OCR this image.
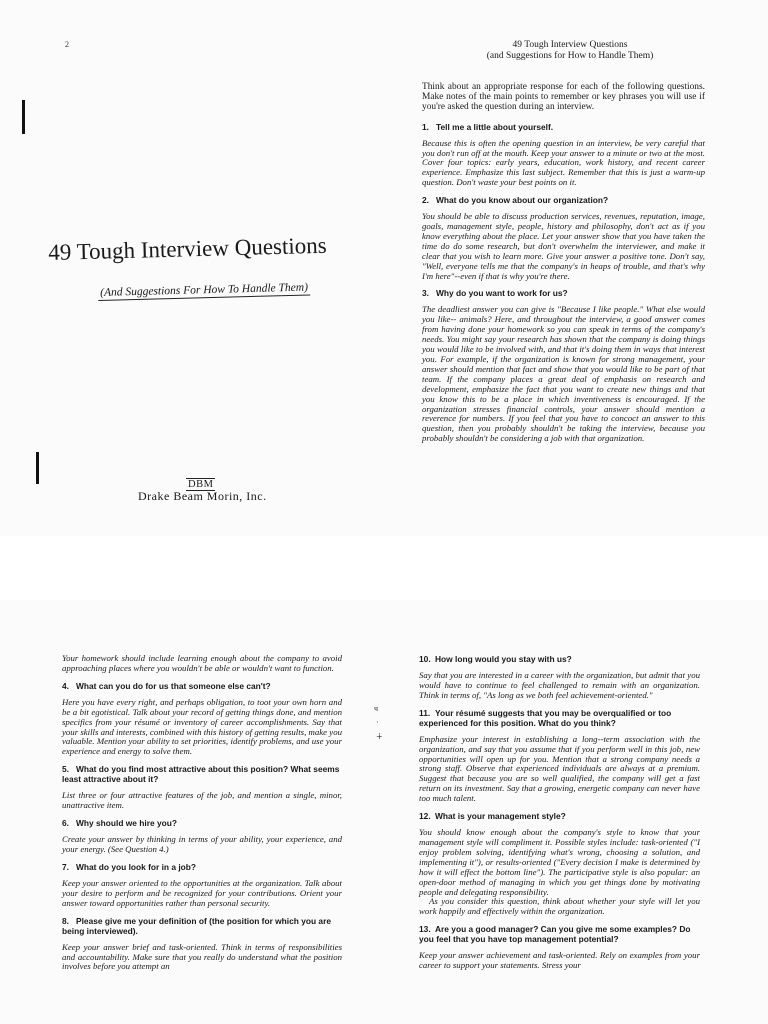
2
49 Tough Interview Questions
(And Suggestions For How To Handle Them)
DBM
Drake Beam Morin, Inc.
49 Tough Interview Questions
(and Suggestions for How to Handle Them)

Think about an appropriate response for each of the following questions. Make notes of the main points to remember or key phrases you will use if you're asked the question during an interview.

1. Tell me a little about yourself.

Because this is often the opening question in an interview, be very careful that you don't run off at the mouth. Keep your answer to a minute or two at the most. Cover four topics: early years, education, work history, and recent career experience. Emphasize this last subject. Remember that this is just a warm-up question. Don't waste your best points on it.

2. What do you know about our organization?

You should be able to discuss production services, revenues, reputation, image, goals, management style, people, history and philosophy, don't act as if you know everything about the place. Let your answer show that you have taken the time do do some research, but don't overwhelm the interviewer, and make it clear that you wish to learn more. Give your answer a positive tone. Don't say, "Well, everyone tells me that the company's in heaps of trouble, and that's why I'm here"--even if that is why you're there.

3. Why do you want to work for us?

The deadliest answer you can give is "Because I like people." What else would you like-- animals? Here, and throughout the interview, a good answer comes from having done your homework so you can speak in terms of the company's needs. You might say your research has shown that the company is doing things you would like to be involved with, and that it's doing them in ways that interest you. For example, if the organization is known for strong management, your answer should mention that fact and show that you would like to be part of that team. If the company places a great deal of emphasis on research and development, emphasize the fact that you want to create new things and that you know this to be a place in which inventiveness is encouraged. If the organization stresses financial controls, your answer should mention a reverence for numbers. If you feel that you have to concoct an answer to this question, then you probably shouldn't be taking the interview, because you probably shouldn't be considering a job with that organization.

ч
·
∔

Your homework should include learning enough about the company to avoid approaching places where you wouldn't be able or wouldn't want to function.

4. What can you do for us that someone else can't?

Here you have every right, and perhaps obligation, to toot your own horn and be a bit egotistical. Talk about your record of getting things done, and mention specifics from your résumé or inventory of career accomplishments. Say that your skills and interests, combined with this history of getting results, make you valuable. Mention your ability to set priorities, identify problems, and use your experience and energy to solve them.

5. What do you find most attractive about this position? What seems least attractive about it?

List three or four attractive features of the job, and mention a single, minor, unattractive item.

6. Why should we hire you?

Create your answer by thinking in terms of your ability, your experience, and your energy. (See Question 4.)

7. What do you look for in a job?

Keep your answer oriented to the opportunities at the organization. Talk about your desire to perform and be recognized for your contributions. Orient your answer toward opportunities rather than personal security.

8. Please give me your definition of (the position for which you are being interviewed).

Keep your answer brief and task-oriented. Think in terms of responsibilities and accountability. Make sure that you really do understand what the position involves before you attempt an

10. How long would you stay with us?

Say that you are interested in a career with the organization, but admit that you would have to continue to feel challenged to remain with an organization. Think in terms of, "As long as we both feel achievement-oriented."

11. Your résumé suggests that you may be overqualified or too experienced for this position. What do you think?

Emphasize your interest in establishing a long--term association with the organization, and say that you assume that if you perform well in this job, new opportunities will open up for you. Mention that a strong company needs a strong staff. Observe that experienced individuals are always at a premium. Suggest that because you are so well qualified, the company will get a fast return on its investment. Say that a growing, energetic company can never have too much talent.

12. What is your management style?

You should know enough about the company's style to know that your management style will compliment it. Possible styles include: task-oriented ("I enjoy problem solving, identifying what's wrong, choosing a solution, and implementing it"), or results-oriented ("Every decision I make is determined by how it will effect the bottom line"). The participative style is also popular: an open-door method of managing in which you get things done by motivating people and delegating responsibility.

As you consider this question, think about whether your style will let you work happily and effectively within the organization.

13. Are you a good manager? Can you give me some examples? Do you feel that you have top management potential?

Keep your answer achievement and task-oriented. Rely on examples from your career to support your statements. Stress your
